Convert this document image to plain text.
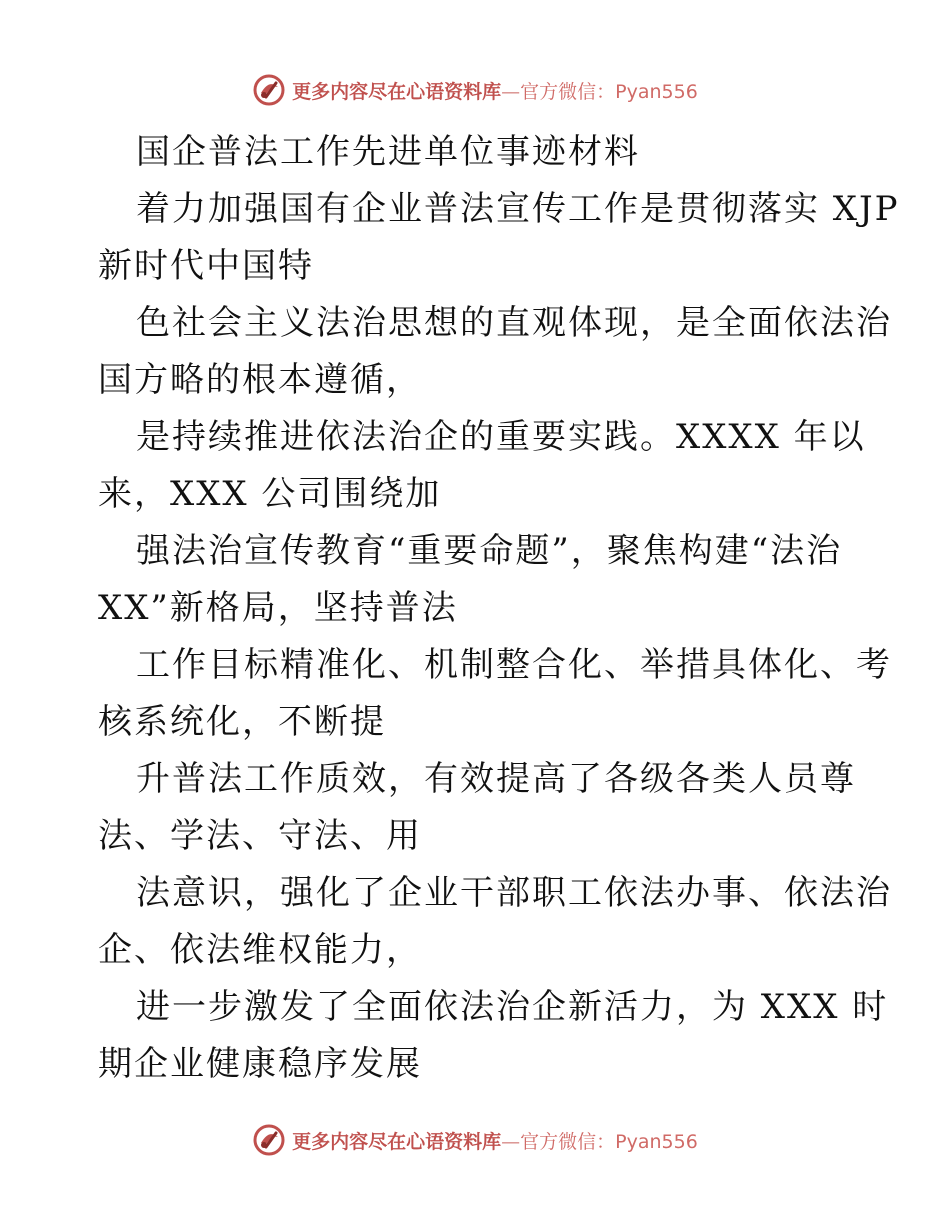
更多内容尽在心语资料库—官方微信：Pyan556
国企普法工作先进单位事迹材料
着力加强国有企业普法宣传工作是贯彻落实 XJP
新时代中国特
色社会主义法治思想的直观体现，是全面依法治
国方略的根本遵循，
是持续推进依法治企的重要实践。XXXX 年以
来，XXX 公司围绕加
强法治宣传教育“重要命题”，聚焦构建“法治
XX”新格局，坚持普法
工作目标精准化、机制整合化、举措具体化、考
核系统化，不断提
升普法工作质效，有效提高了各级各类人员尊
法、学法、守法、用
法意识，强化了企业干部职工依法办事、依法治
企、依法维权能力，
进一步激发了全面依法治企新活力，为 XXX 时
期企业健康稳序发展
更多内容尽在心语资料库—官方微信：Pyan556
